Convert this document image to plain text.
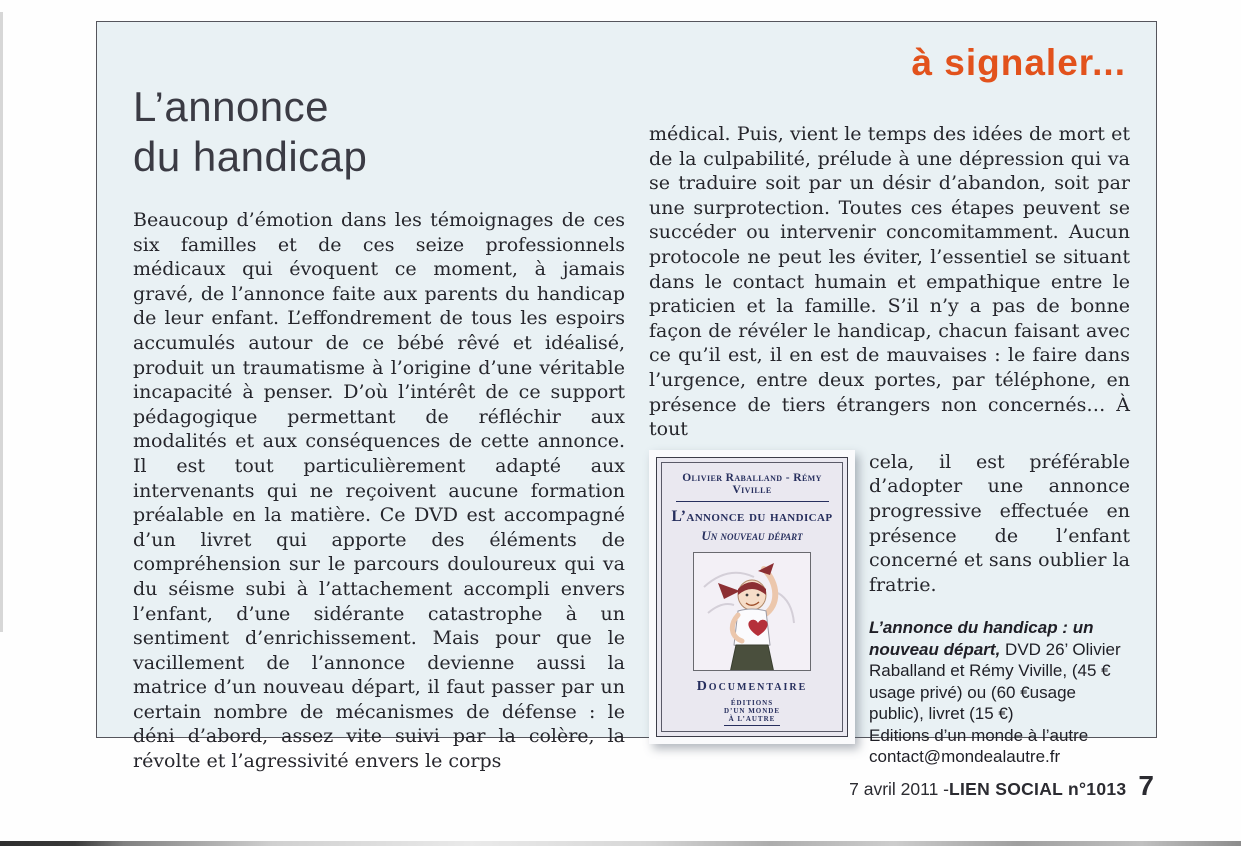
à signaler...
L’annonce
du handicap

Beaucoup d’émotion dans les témoignages de ces six familles et de ces seize professionnels médicaux qui évoquent ce moment, à jamais gravé, de l’annonce faite aux parents du handicap de leur enfant. L’effondrement de tous les espoirs accumulés autour de ce bébé rêvé et idéalisé, produit un traumatisme à l’origine d’une véritable incapacité à penser. D’où l’intérêt de ce support pédagogique permettant de réfléchir aux modalités et aux conséquences de cette annonce. Il est tout particulièrement adapté aux intervenants qui ne reçoivent aucune formation préalable en la matière. Ce DVD est accompagné d’un livret qui apporte des éléments de compréhension sur le parcours douloureux qui va du séisme subi à l’attachement accompli envers l’enfant, d’une sidérante catastrophe à un sentiment d’enrichissement. Mais pour que le vacillement de l’annonce devienne aussi la matrice d’un nouveau départ, il faut passer par un certain nombre de mécanismes de défense : le déni d’abord, assez vite suivi par la colère, la révolte et l’agressivité envers le corps

médical. Puis, vient le temps des idées de mort et de la culpabilité, prélude à une dépression qui va se traduire soit par un désir d’abandon, soit par une surprotection. Toutes ces étapes peuvent se succéder ou intervenir concomitamment. Aucun protocole ne peut les éviter, l’essentiel se situant dans le contact humain et empathique entre le praticien et la famille. S’il n’y a pas de bonne façon de révéler le handicap, chacun faisant avec ce qu’il est, il en est de mauvaises : le faire dans l’urgence, entre deux portes, par téléphone, en présence de tiers étrangers non concernés… À tout

Olivier Raballand - Rémy Viville
L’annonce du handicap
Un nouveau départ
Documentaire
ÉDITIONS
D’UN MONDE
À L’AUTRE

cela, il est préférable d’adopter une annonce progressive effectuée en présence de l’enfant concerné et sans oublier la fratrie.

L’annonce du handicap : un nouveau départ, DVD 26’ Olivier Raballand et Rémy Viville, (45 € usage privé) ou (60 €usage public), livret (15 €)
Editions d’un monde à l’autre
contact@mondealautre.fr
7 avril 2011 - LIEN SOCIAL n°1013 7
